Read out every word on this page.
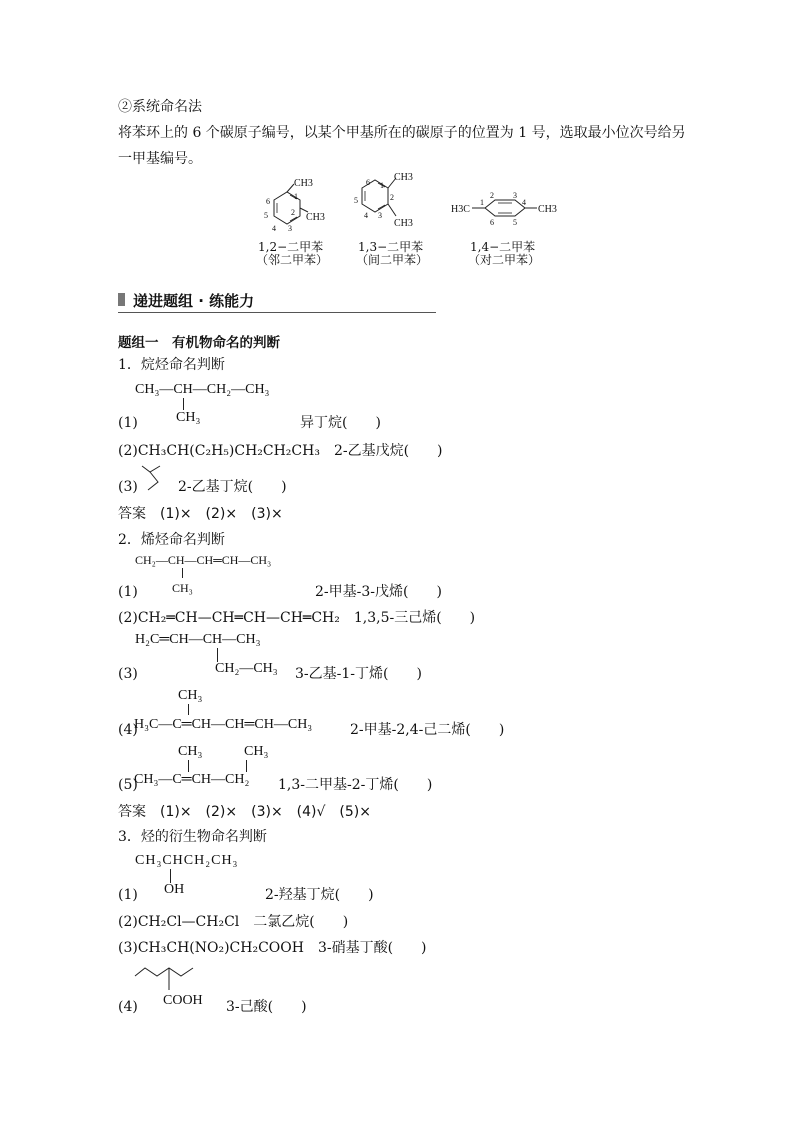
②系统命名法
将苯环上的 6 个碳原子编号，以某个甲基所在的碳原子的位置为 1 号，选取最小位次号给另
一甲基编号。
1
2
3
4
5
6
CH3
CH3
1
2
3
4
5
6 CH3
CH3
1
2 3
4
5
6
H3C	CH3
1,2−二甲苯
（邻二甲苯）
1,3−二甲苯
（间二甲苯）
1,4−二甲苯
（对二甲苯）
递进题组 · 练能力
题组一　有机物命名的判断
1．烷烃命名判断
CH₃—CH—CH₂—CH₃
(1)	CH₃	异丁烷(　　)
(2)CH₃CH(C₂H₅)CH₂CH₂CH₃　2-乙基戊烷(　　)
(3)	2-乙基丁烷(　　)
答案　(1)×　(2)×　(3)×
2．烯烃命名判断
CH₂—CH—CH═CH—CH₃
(1)	CH₃	2-甲基-3-戊烯(　　)
(2)CH₂═CH—CH═CH—CH═CH₂　1,3,5-三己烯(　　)
H₂C═CH—CH—CH₃
(3)	CH₂—CH₃ 3-乙基-1-丁烯(　　)
CH₃
(4)
H₃C—C═CH—CH═CH—CH₃	2-甲基-2,4-己二烯(　　)
CH₃	CH₃
(5)
CH₃—C═CH—CH₂ 1,3-二甲基-2-丁烯(　　)
答案　(1)×　(2)×　(3)×　(4)√　(5)×
3．烃的衍生物命名判断
CH₃CHCH₂CH₃
(1) OH	2-羟基丁烷(　　)
(2)CH₂Cl—CH₂Cl　二氯乙烷(　　)
(3)CH₃CH(NO₂)CH₂COOH　3-硝基丁酸(　　)
(4) COOH 3-己酸(　　)
